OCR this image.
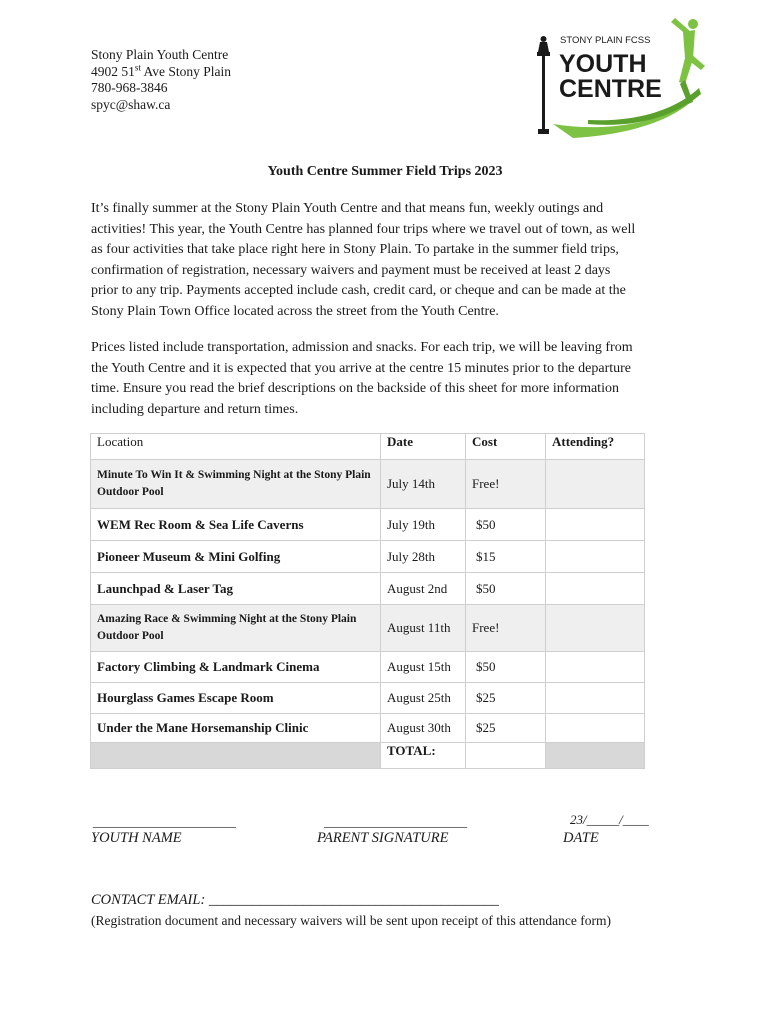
Stony Plain Youth Centre
4902 51st Ave Stony Plain
780-968-3846
spyc@shaw.ca
STONY PLAIN FCSS
YOUTH
CENTRE
Youth Centre Summer Field Trips 2023
It’s finally summer at the Stony Plain Youth Centre and that means fun, weekly outings and
activities! This year, the Youth Centre has planned four trips where we travel out of town, as well
as four activities that take place right here in Stony Plain. To partake in the summer field trips,
confirmation of registration, necessary waivers and payment must be received at least 2 days
prior to any trip. Payments accepted include cash, credit card, or cheque and can be made at the
Stony Plain Town Office located across the street from the Youth Centre.
Prices listed include transportation, admission and snacks. For each trip, we will be leaving from
the Youth Centre and it is expected that you arrive at the centre 15 minutes prior to the departure
time. Ensure you read the brief descriptions on the backside of this sheet for more information
including departure and return times.
Location	Date	Cost	Attending?
Minute To Win It & Swimming Night at the Stony Plain Outdoor Pool	July 14th	Free!	
WEM Rec Room & Sea Life Caverns	July 19th	$50	
Pioneer Museum & Mini Golfing	July 28th	$15	
Launchpad & Laser Tag	August 2nd	$50	
Amazing Race & Swimming Night at the Stony Plain Outdoor Pool	August 11th	Free!	
Factory Climbing & Landmark Cinema	August 15th	$50	
Hourglass Games Escape Room	August 25th	$25	
Under the Mane Horsemanship Clinic	August 30th	$25	
	TOTAL:		
______________________	______________________	23/_____/____
YOUTH NAME	PARENT SIGNATURE	DATE
CONTACT EMAIL: ________________________________________
(Registration document and necessary waivers will be sent upon receipt of this attendance form)
